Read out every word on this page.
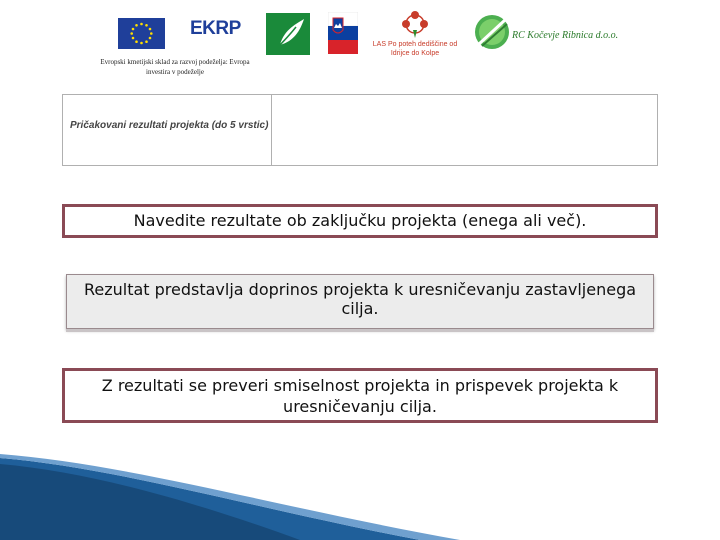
EKRP
LAS Po poteh dediščine od Idrijce do Kolpe
RC Kočevje Ribnica d.o.o.
Evropski kmetijski sklad za razvoj podeželja: Evropa investira v podeželje
Pričakovani rezultati projekta (do 5 vrstic)

Navedite rezultate ob zaključku projekta (enega ali več).
Rezultat predstavlja doprinos projekta k uresničevanju zastavljenega cilja.
Z rezultati se preveri smiselnost projekta in prispevek projekta k uresničevanju cilja.
